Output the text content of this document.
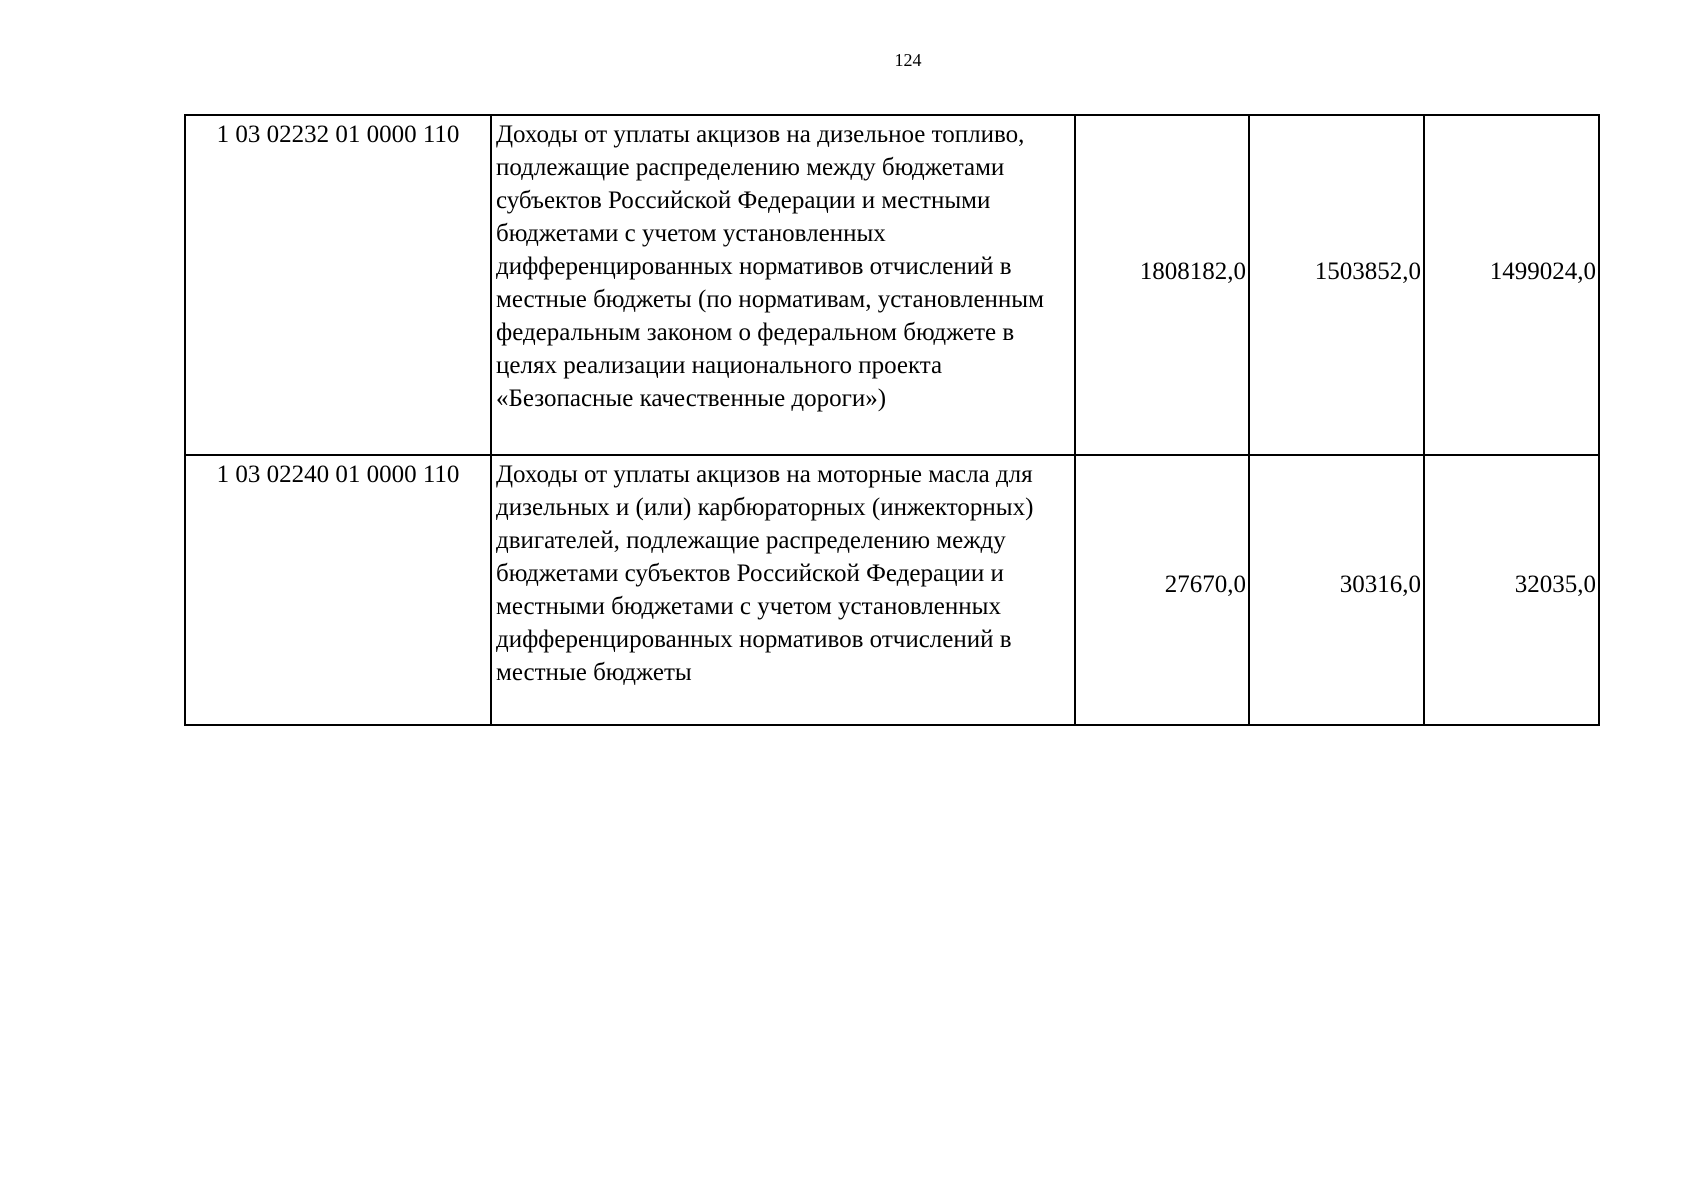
124
1 03 02232 01 0000 110	Доходы от уплаты акцизов на дизельное топливо, подлежащие распределению между бюджетами субъектов Российской Федерации и местными бюджетами с учетом установленных дифференцированных нормативов отчислений в местные бюджеты (по нормативам, установленным федеральным законом о федеральном бюджете в целях реализации национального проекта «Безопасные качественные дороги»)	1808182,0	1503852,0	1499024,0
1 03 02240 01 0000 110	Доходы от уплаты акцизов на моторные масла для дизельных и (или) карбюраторных (инжекторных) двигателей, подлежащие распределению между бюджетами субъектов Российской Федерации и местными бюджетами с учетом установленных дифференцированных нормативов отчислений в местные бюджеты	27670,0	30316,0	32035,0
